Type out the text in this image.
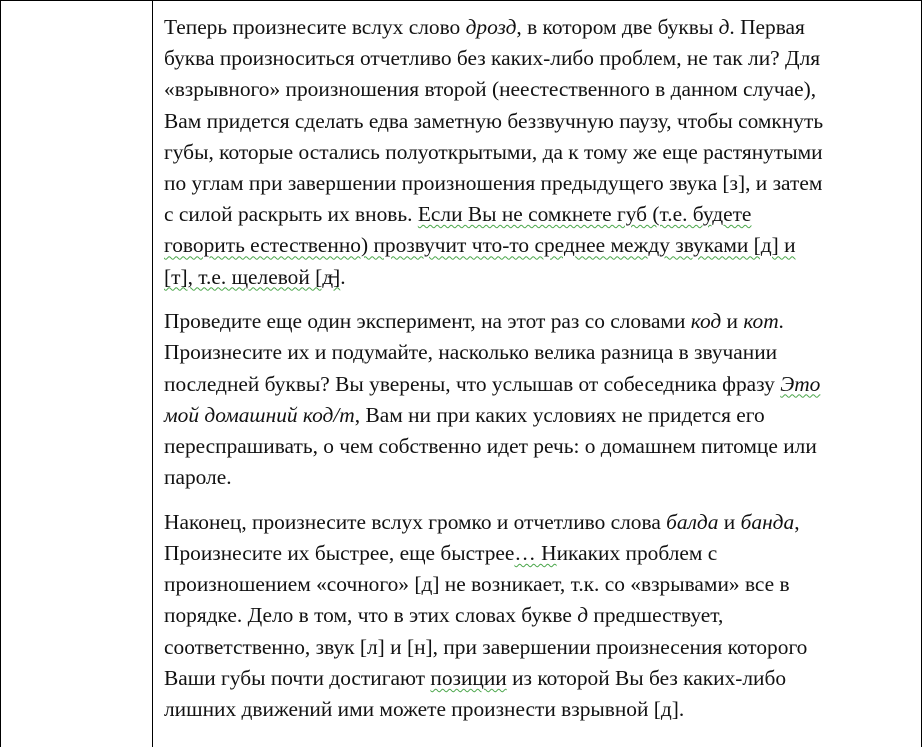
Теперь произнесите вслух слово дрозд, в котором две буквы д. Первая
буква произноситься отчетливо без каких-либо проблем, не так ли? Для
«взрывного» произношения второй (неестественного в данном случае),
Вам придется сделать едва заметную беззвучную паузу, чтобы сомкнуть
губы, которые остались полуоткрытыми, да к тому же еще растянутыми
по углам при завершении произношения предыдущего звука [з], и затем
с силой раскрыть их вновь. Если Вы не сомкнете губ (т.е. будете
говорить естественно) прозвучит что-то среднее между звуками [д] и
[т], т.е. щелевой [д̶].
Проведите еще один эксперимент, на этот раз со словами код и кот.
Произнесите их и подумайте, насколько велика разница в звучании
последней буквы? Вы уверены, что услышав от собеседника фразу Это
мой домашний код/т, Вам ни при каких условиях не придется его
переспрашивать, о чем собственно идет речь: о домашнем питомце или
пароле.
Наконец, произнесите вслух громко и отчетливо слова балда и банда,
Произнесите их быстрее, еще быстрее… Никаких проблем с
произношением «сочного» [д] не возникает, т.к. со «взрывами» все в
порядке. Дело в том, что в этих словах букве д предшествует,
соответственно, звук [л] и [н], при завершении произнесения которого
Ваши губы почти достигают позиции из которой Вы без каких-либо
лишних движений ими можете произнести взрывной [д].
